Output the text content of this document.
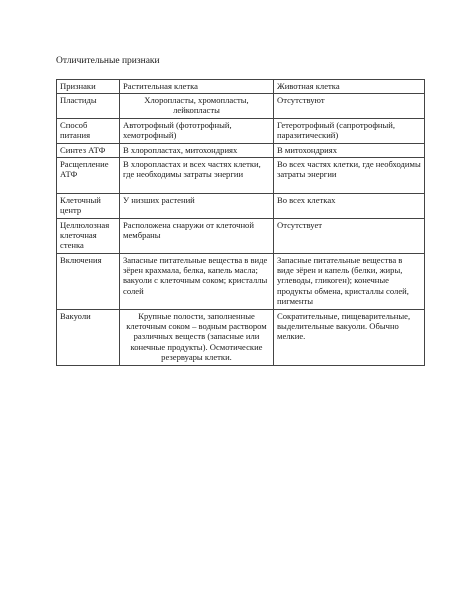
Отличительные признаки
Признаки	Растительная клетка	Животная клетка
Пластиды	Хлоропласты, хромопласты, лейкопласты	Отсутствуют
Способ питания	Автотрофный (фототрофный, хемотрофный)	Гетеротрофный (сапротрофный, паразитический)
Синтез АТФ	В хлоропластах, митохондриях	В митохондриях
Расщепление АТФ	В хлоропластах и всех частях клетки, где необходимы затраты энергии	Во всех частях клетки, где необходимы затраты энергии
Клеточный центр	У низших растений	Во всех клетках
Целлюлозная клеточная стенка	Расположена снаружи от клеточной мембраны	Отсутствует
Включения	Запасные питательные вещества в виде зёрен крахмала, белка, капель масла; вакуоли с клеточным соком; кристаллы солей	Запасные питательные вещества в виде зёрен и капель (белки, жиры, углеводы, гликоген); конечные продукты обмена, кристаллы солей, пигменты
Вакуоли	Крупные полости, заполненные клеточным соком – водным раствором различных веществ (запасные или конечные продукты). Осмотические резервуары клетки.	Сократительные, пищеварительные, выделительные вакуоли. Обычно мелкие.
